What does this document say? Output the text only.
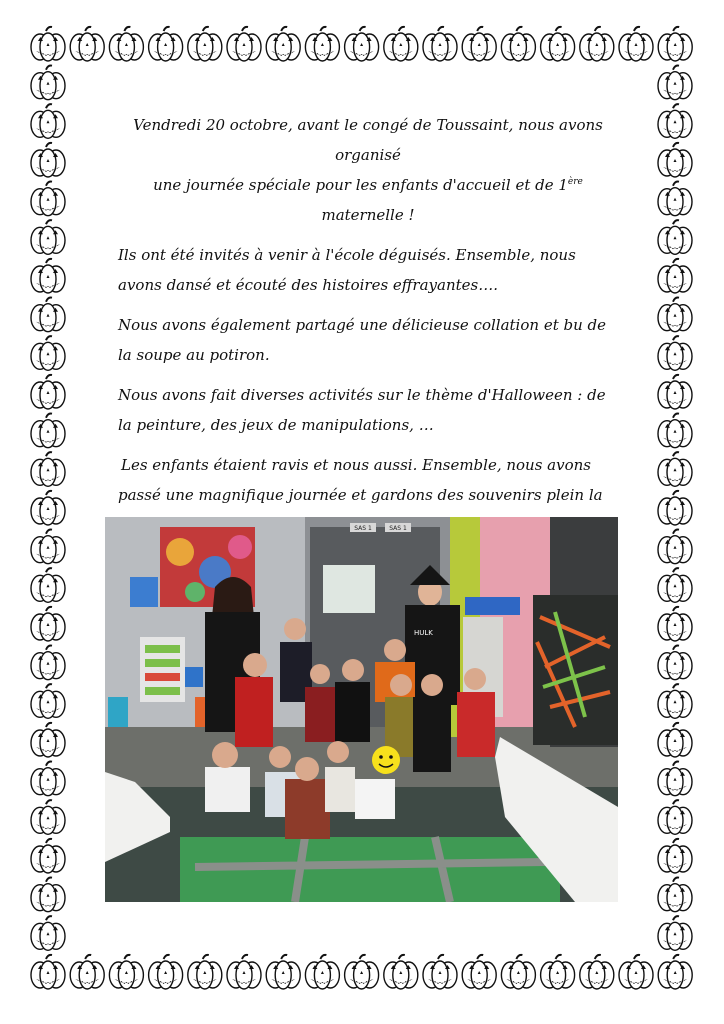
Vendredi 20 octobre, avant le congé de Toussaint, nous avons organisé
une journée spéciale pour les enfants d'accueil et de 1ère maternelle !

Ils ont été invités à venir à l'école déguisés. Ensemble, nous avons dansé et écouté des histoires effrayantes….

Nous avons également partagé une délicieuse collation et bu de la soupe au potiron.

Nous avons fait diverses activités sur le thème d'Halloween : de la peinture, des jeux de manipulations, …

Les enfants étaient ravis et nous aussi. Ensemble, nous avons passé une magnifique journée et gardons des souvenirs plein la

SAS 1	SAS 1
HULK
